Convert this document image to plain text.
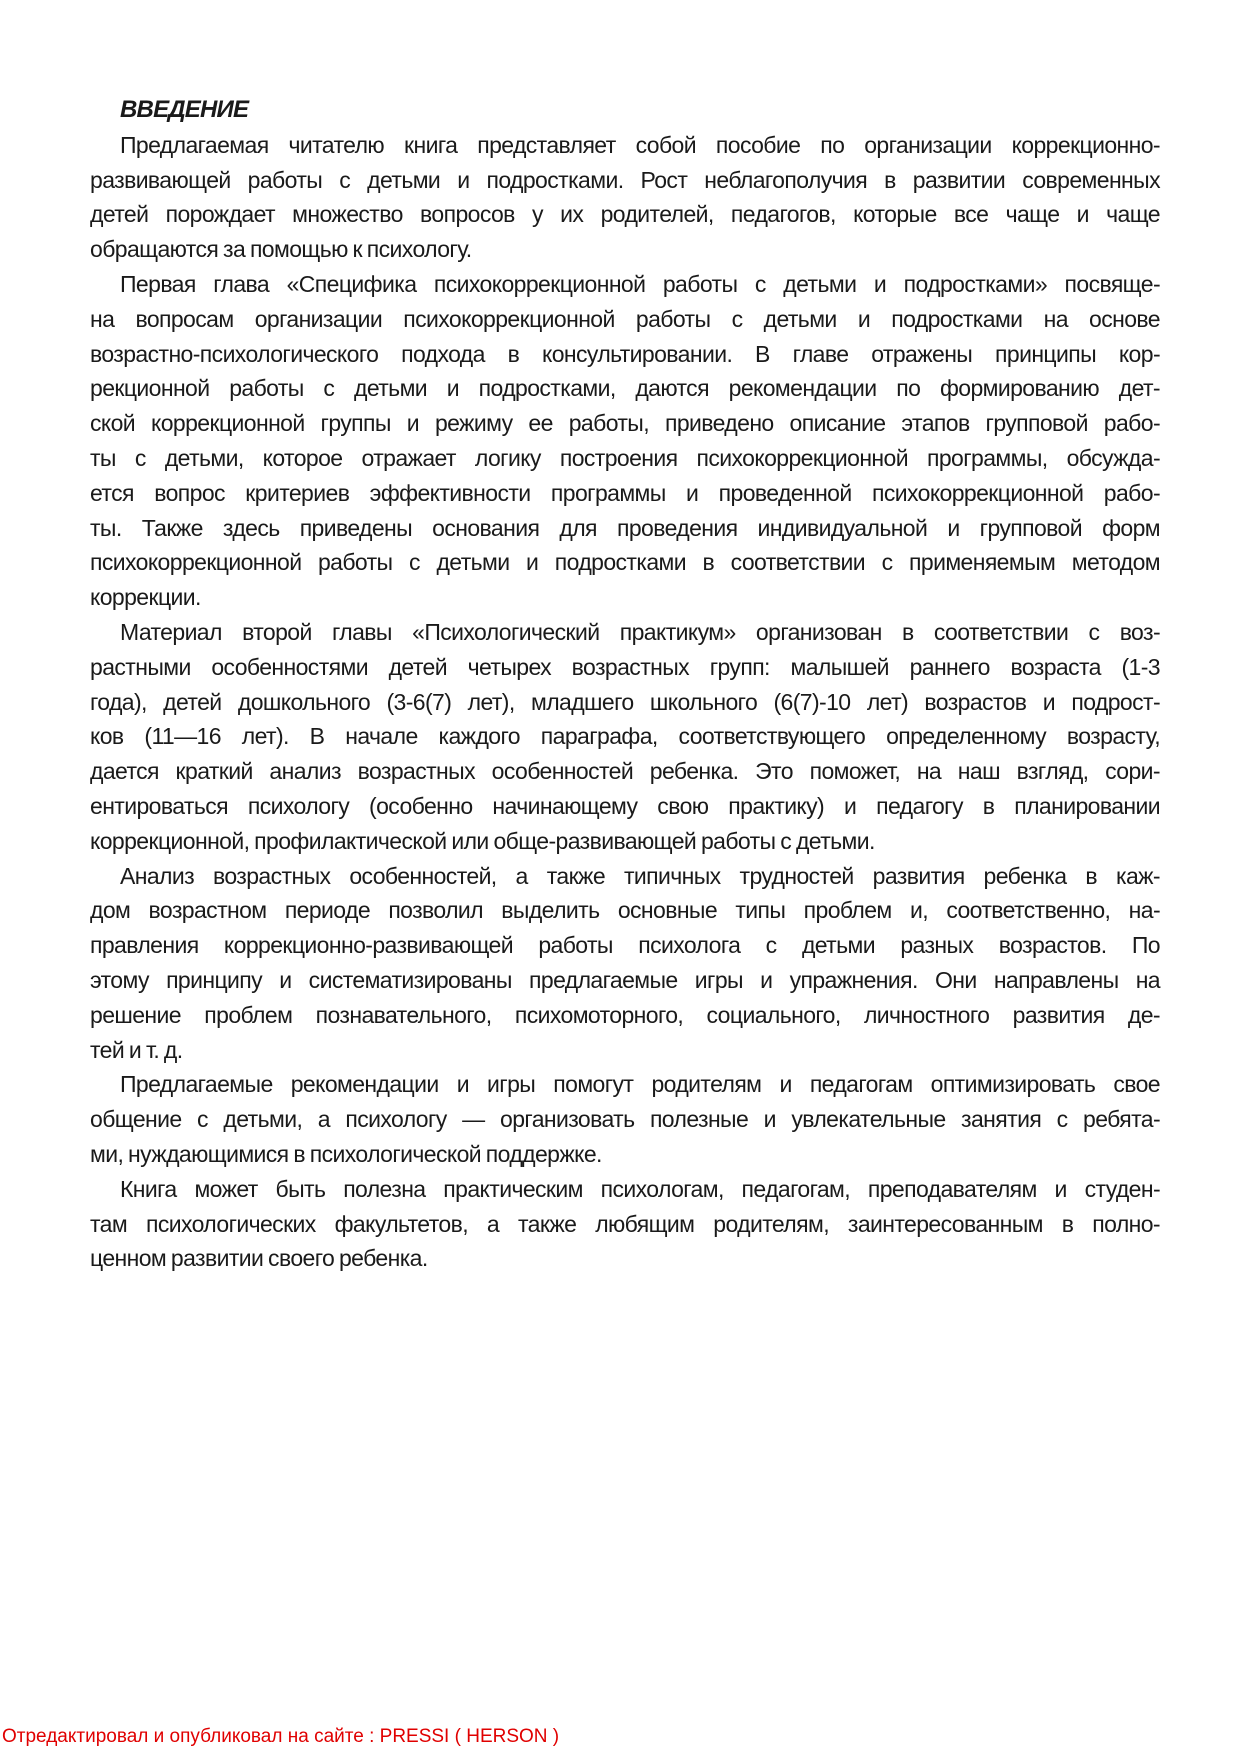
ВВЕДЕНИЕ
Предлагаемая читателю книга представляет собой пособие по организации коррекционно-
развивающей работы с детьми и подростками. Рост неблагополучия в развитии современных
детей порождает множество вопросов у их родителей, педагогов, которые все чаще и чаще
обращаются за помощью к психологу.
Первая глава «Специфика психокоррекционной работы с детьми и подростками» посвяще-
на вопросам организации психокоррекционной работы с детьми и подростками на основе
возрастно-психологического подхода в консультировании. В главе отражены принципы кор-
рекционной работы с детьми и подростками, даются рекомендации по формированию дет-
ской коррекционной группы и режиму ее работы, приведено описание этапов групповой рабо-
ты с детьми, которое отражает логику построения психокоррекционной программы, обсужда-
ется вопрос критериев эффективности программы и проведенной психокоррекционной рабо-
ты. Также здесь приведены основания для проведения индивидуальной и групповой форм
психокоррекционной работы с детьми и подростками в соответствии с применяемым методом
коррекции.
Материал второй главы «Психологический практикум» организован в соответствии с воз-
растными особенностями детей четырех возрастных групп: малышей раннего возраста (1-3
года), детей дошкольного (3-6(7) лет), младшего школьного (6(7)-10 лет) возрастов и подрост-
ков (11—16 лет). В начале каждого параграфа, соответствующего определенному возрасту,
дается краткий анализ возрастных особенностей ребенка. Это поможет, на наш взгляд, сори-
ентироваться психологу (особенно начинающему свою практику) и педагогу в планировании
коррекционной, профилактической или обще-развивающей работы с детьми.
Анализ возрастных особенностей, а также типичных трудностей развития ребенка в каж-
дом возрастном периоде позволил выделить основные типы проблем и, соответственно, на-
правления коррекционно-развивающей работы психолога с детьми разных возрастов. По
этому принципу и систематизированы предлагаемые игры и упражнения. Они направлены на
решение проблем познавательного, психомоторного, социального, личностного развития де-
тей и т. д.
Предлагаемые рекомендации и игры помогут родителям и педагогам оптимизировать свое
общение с детьми, а психологу — организовать полезные и увлекательные занятия с ребята-
ми, нуждающимися в психологической поддержке.
Книга может быть полезна практическим психологам, педагогам, преподавателям и студен-
там психологических факультетов, а также любящим родителям, заинтересованным в полно-
ценном развитии своего ребенка.
Отредактировал и опубликовал на сайте : PRESSI ( HERSON )
